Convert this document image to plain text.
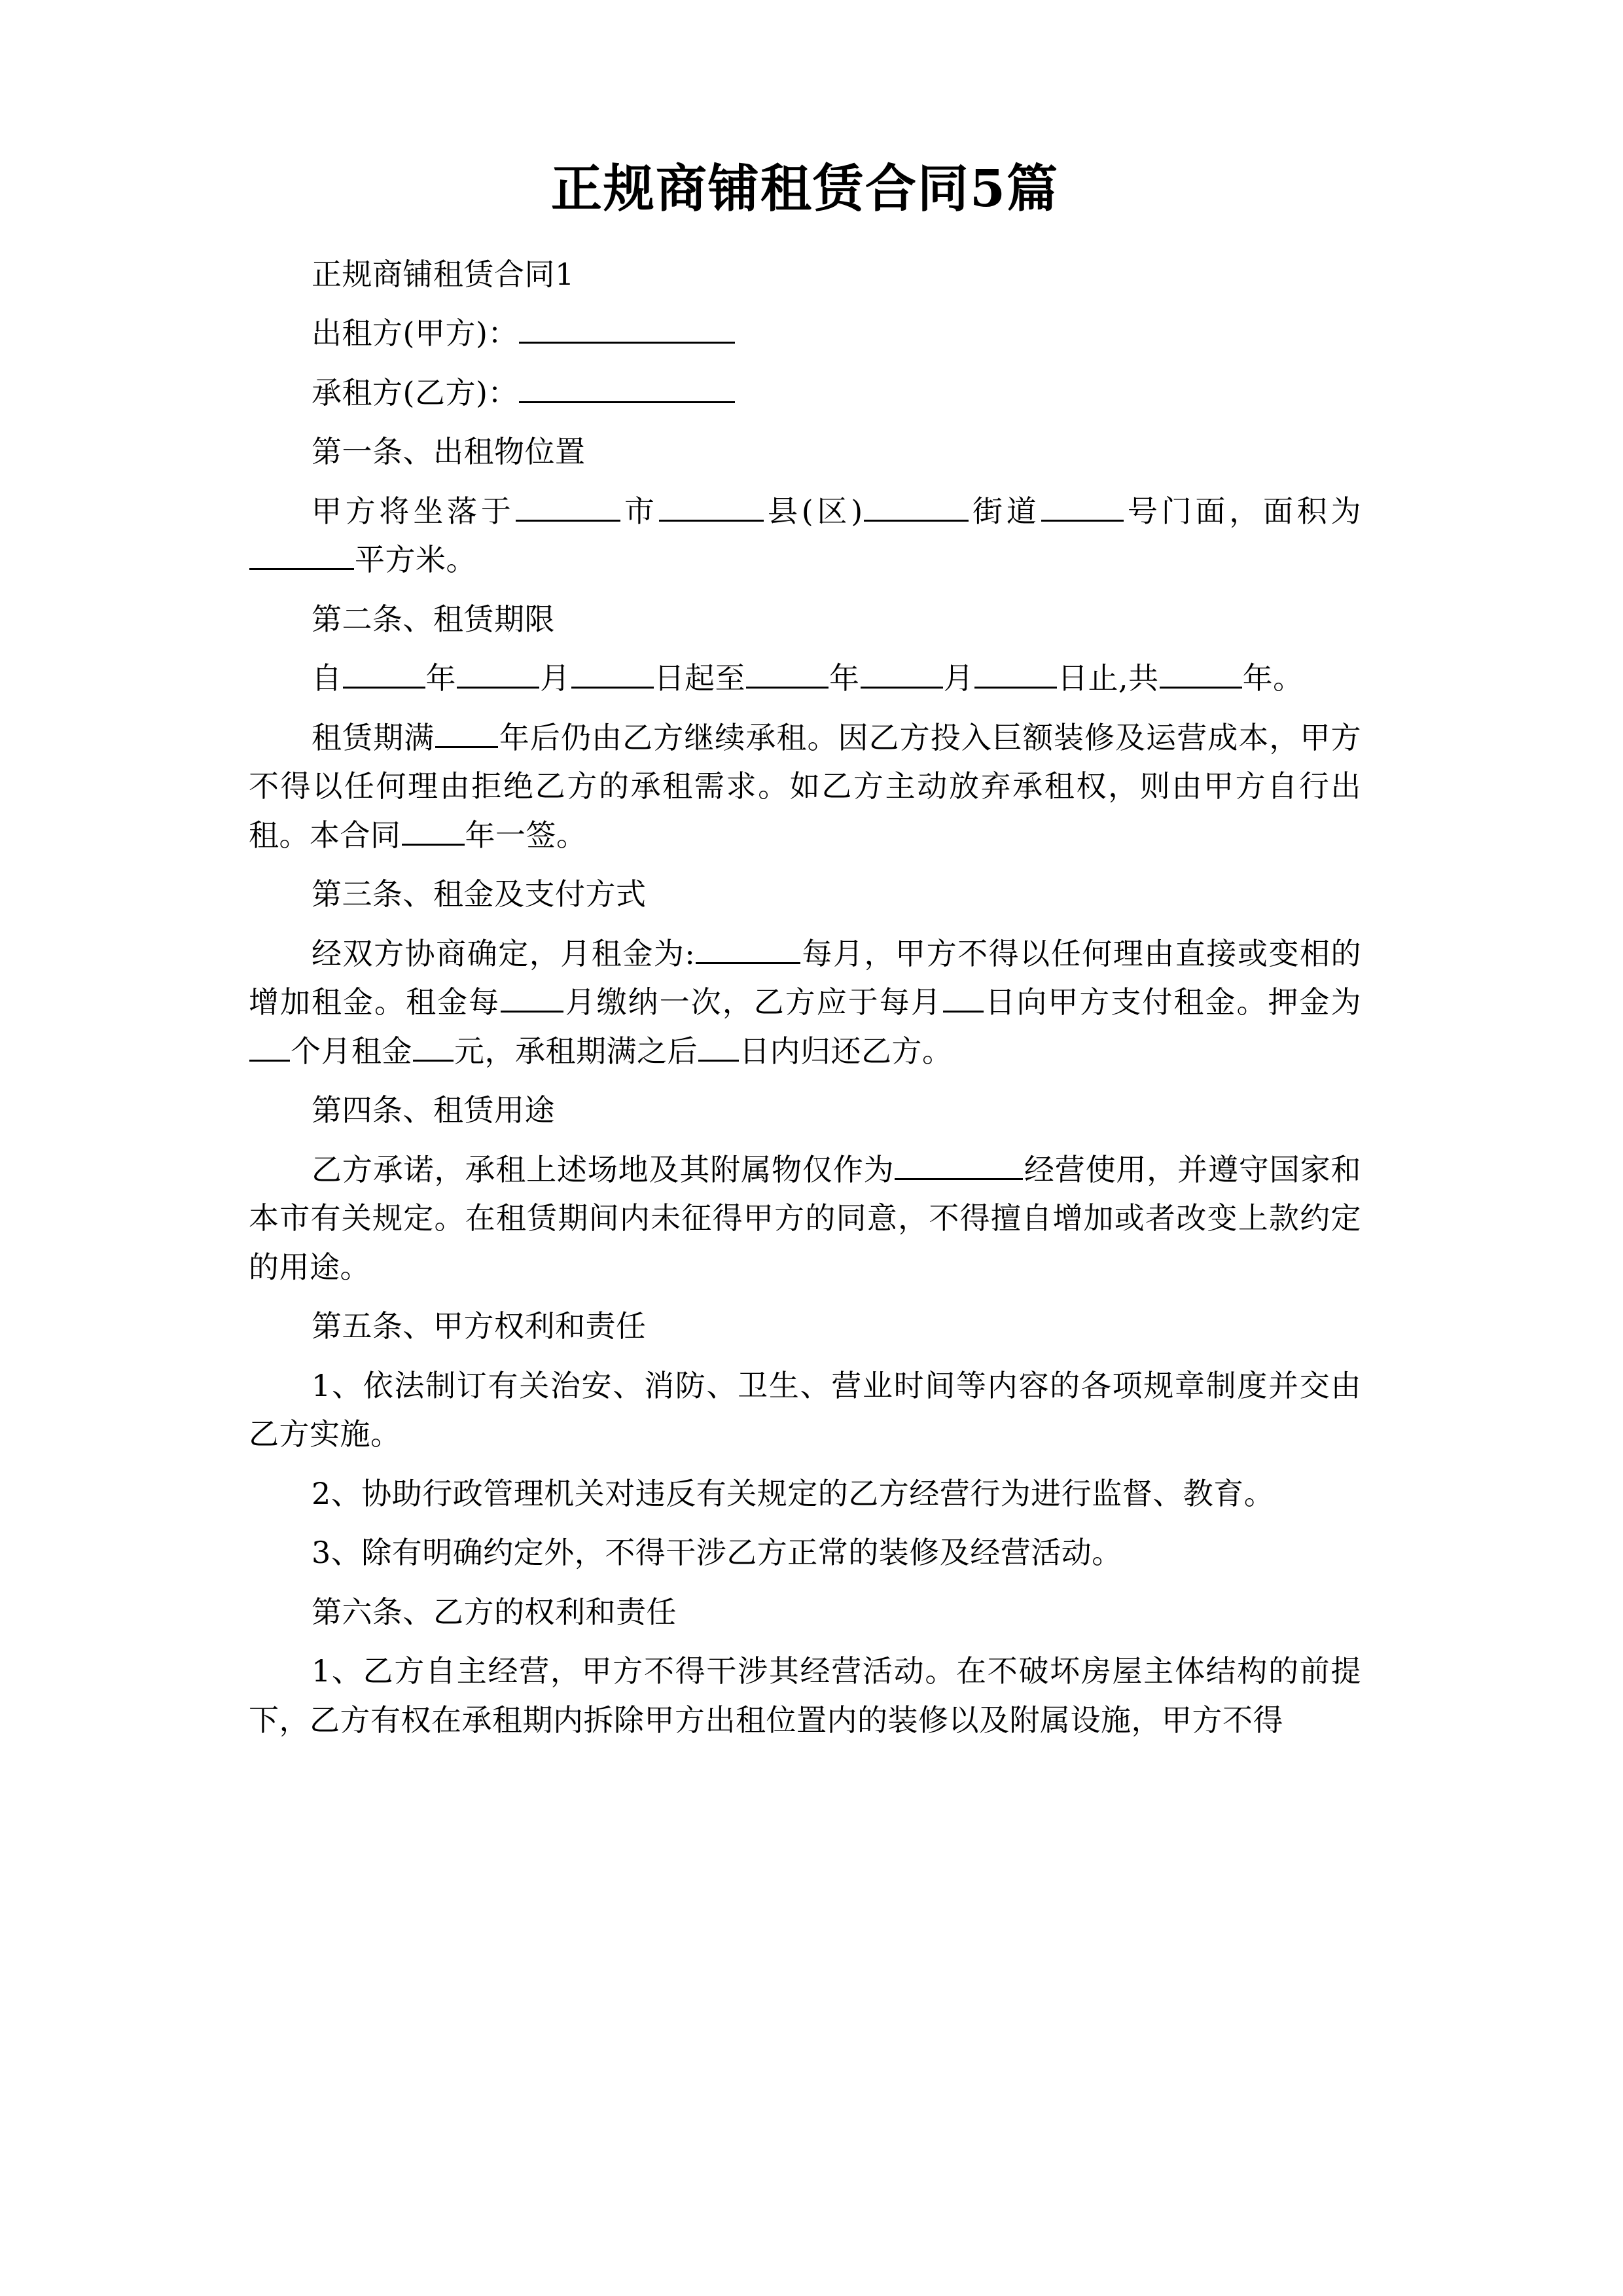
正规商铺租赁合同5篇

正规商铺租赁合同1

出租方(甲方)：

承租方(乙方)：

第一条、出租物位置

甲方将坐落于	市	县(区)	街道	号门面，面积为平方米。

第二条、租赁期限

自	年	月	日起至	年	月	日止,共	年。

租赁期满 年后仍由乙方继续承租。因乙方投入巨额装修及运营成本，甲方不得以任何理由拒绝乙方的承租需求。如乙方主动放弃承租权，则由甲方自行出租。本合同 年一签。

第三条、租金及支付方式

经双方协商确定，月租金为:	每月，甲方不得以任何理由直接或变相的增加租金。租金每 月缴纳一次，乙方应于每月 日向甲方支付租金。押金为个月租金 元，承租期满之后 日内归还乙方。

第四条、租赁用途

乙方承诺，承租上述场地及其附属物仅作为	经营使用，并遵守国家和本市有关规定。在租赁期间内未征得甲方的同意，不得擅自增加或者改变上款约定的用途。

第五条、甲方权利和责任

1、依法制订有关治安、消防、卫生、营业时间等内容的各项规章制度并交由乙方实施。

2、协助行政管理机关对违反有关规定的乙方经营行为进行监督、教育。

3、除有明确约定外，不得干涉乙方正常的装修及经营活动。

第六条、乙方的权利和责任

1、乙方自主经营，甲方不得干涉其经营活动。在不破坏房屋主体结构的前提下，乙方有权在承租期内拆除甲方出租位置内的装修以及附属设施，甲方不得
